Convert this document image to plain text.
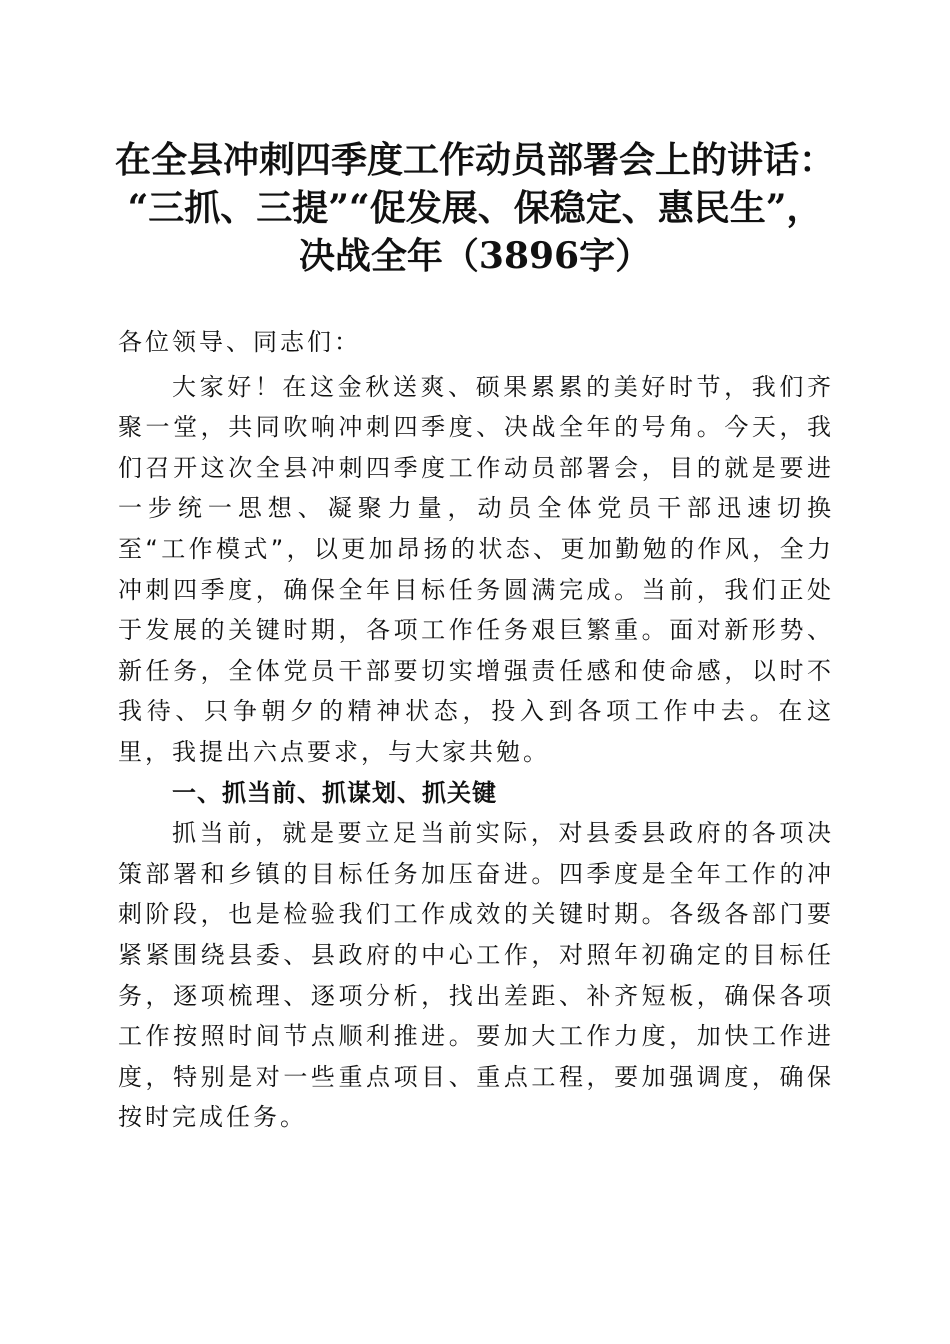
在全县冲刺四季度工作动员部署会上的讲话：
“三抓、三提”“促发展、保稳定、惠民生”，
决战全年（3896字）

各位领导、同志们：

大家好！在这金秋送爽、硕果累累的美好时节，我们齐聚一堂，共同吹响冲刺四季度、决战全年的号角。今天，我们召开这次全县冲刺四季度工作动员部署会，目的就是要进一步统一思想、凝聚力量，动员全体党员干部迅速切换至“工作模式”，以更加昂扬的状态、更加勤勉的作风，全力冲刺四季度，确保全年目标任务圆满完成。当前，我们正处于发展的关键时期，各项工作任务艰巨繁重。面对新形势、新任务，全体党员干部要切实增强责任感和使命感，以时不我待、只争朝夕的精神状态，投入到各项工作中去。在这里，我提出六点要求，与大家共勉。

一、抓当前、抓谋划、抓关键

抓当前，就是要立足当前实际，对县委县政府的各项决策部署和乡镇的目标任务加压奋进。四季度是全年工作的冲刺阶段，也是检验我们工作成效的关键时期。各级各部门要紧紧围绕县委、县政府的中心工作，对照年初确定的目标任务，逐项梳理、逐项分析，找出差距、补齐短板，确保各项工作按照时间节点顺利推进。要加大工作力度，加快工作进度，特别是对一些重点项目、重点工程，要加强调度，确保按时完成任务。
